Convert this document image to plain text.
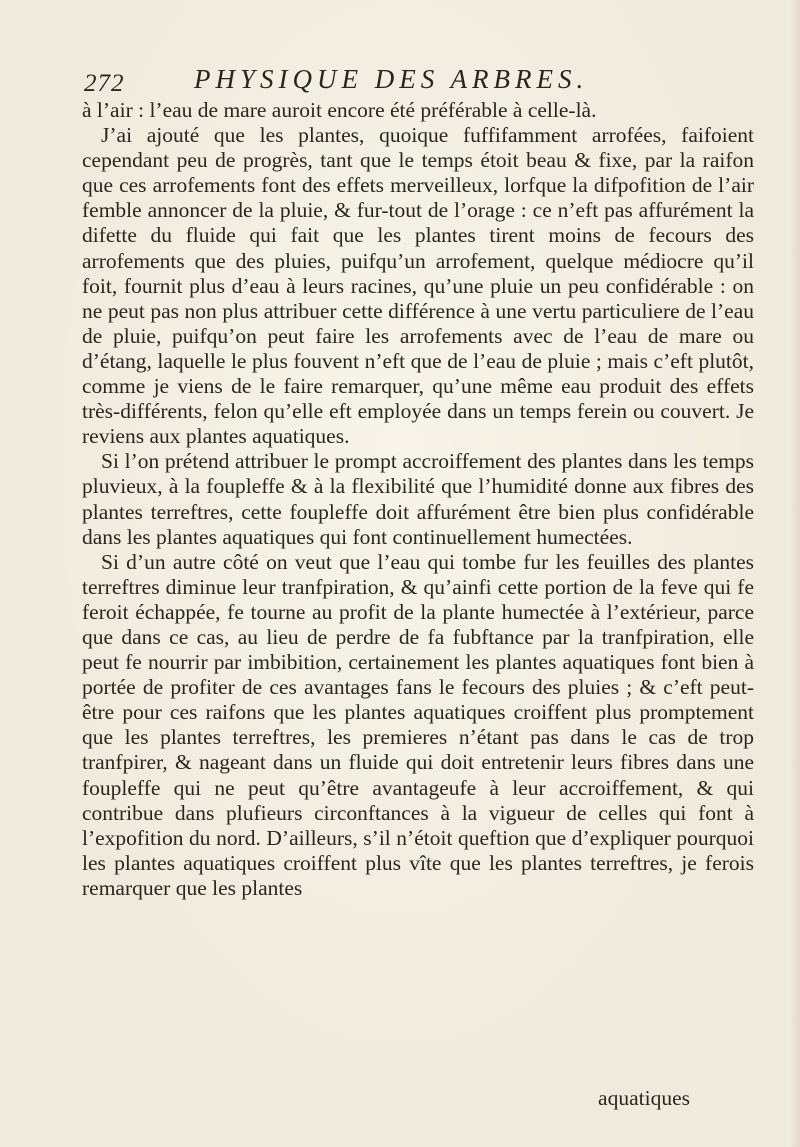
272	PHYSIQUE DES ARBRES.

à l’air : l’eau de mare auroit encore été préférable à celle-là.

J’ai ajouté que les plantes, quoique fuffifamment arrofées, faifoient cependant peu de progrès, tant que le temps étoit beau & fixe, par la raifon que ces arrofements font des effets merveilleux, lorfque la difpofition de l’air femble annoncer de la pluie, & fur-tout de l’orage : ce n’eft pas affurément la difette du fluide qui fait que les plantes tirent moins de fecours des arrofements que des pluies, puifqu’un arrofement, quelque médiocre qu’il foit, fournit plus d’eau à leurs racines, qu’une pluie un peu confidérable : on ne peut pas non plus attribuer cette différence à une vertu particuliere de l’eau de pluie, puifqu’on peut faire les arrofements avec de l’eau de mare ou d’étang, laquelle le plus fouvent n’eft que de l’eau de pluie ; mais c’eft plutôt, comme je viens de le faire remarquer, qu’une même eau produit des effets très-différents, felon qu’elle eft employée dans un temps ferein ou couvert. Je reviens aux plantes aquatiques.

Si l’on prétend attribuer le prompt accroiffement des plantes dans les temps pluvieux, à la foupleffe & à la flexibilité que l’humidité donne aux fibres des plantes terreftres, cette foupleffe doit affurément être bien plus confidérable dans les plantes aquatiques qui font continuellement humectées.

Si d’un autre côté on veut que l’eau qui tombe fur les feuilles des plantes terreftres diminue leur tranfpiration, & qu’ainfi cette portion de la feve qui fe feroit échappée, fe tourne au profit de la plante humectée à l’extérieur, parce que dans ce cas, au lieu de perdre de fa fubftance par la tranfpiration, elle peut fe nourrir par imbibition, certainement les plantes aquatiques font bien à portée de profiter de ces avantages fans le fecours des pluies ; & c’eft peut-être pour ces raifons que les plantes aquatiques croiffent plus promptement que les plantes terreftres, les premieres n’étant pas dans le cas de trop tranfpirer, & nageant dans un fluide qui doit entretenir leurs fibres dans une foupleffe qui ne peut qu’être avantageufe à leur accroiffement, & qui contribue dans plufieurs circonftances à la vigueur de celles qui font à l’expofition du nord. D’ailleurs, s’il n’étoit queftion que d’expliquer pourquoi les plantes aquatiques croiffent plus vîte que les plantes terreftres, je ferois remarquer que les plantes

aquatiques
